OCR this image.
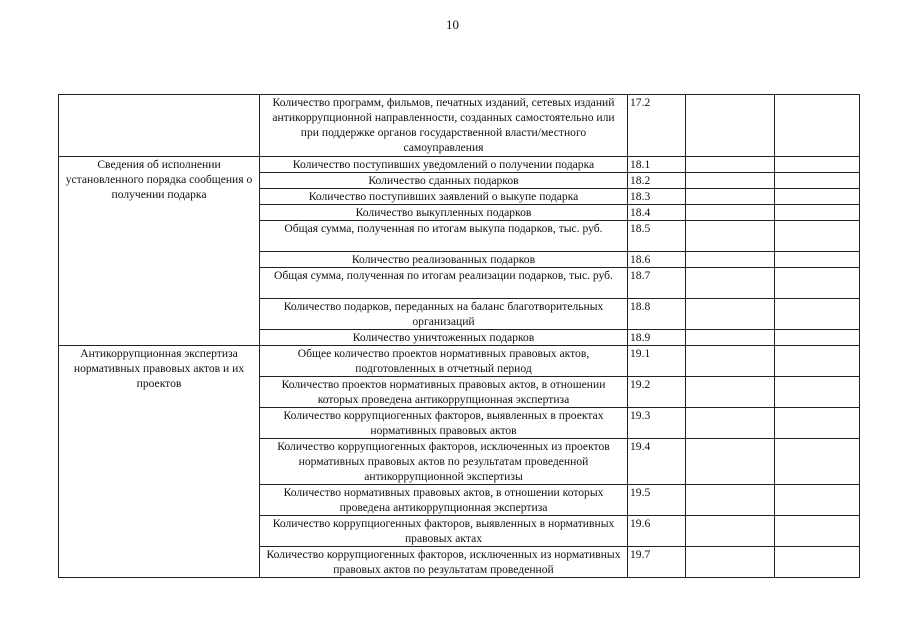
10
	Количество программ, фильмов, печатных изданий, сетевых изданий антикоррупционной направленности, созданных самостоятельно или при поддержке органов государственной власти/местного самоуправления	17.2		
Сведения об исполнении установленного порядка сообщения о получении подарка	Количество поступивших уведомлений о получении подарка	18.1		
	Количество сданных подарков	18.2		
	Количество поступивших заявлений о выкупе подарка	18.3		
	Количество выкупленных подарков	18.4		
	Общая сумма, полученная по итогам выкупа подарков, тыс. руб.	18.5		
	Количество реализованных подарков	18.6		
	Общая сумма, полученная по итогам реализации подарков, тыс. руб.	18.7		
	Количество подарков, переданных на баланс благотворительных организаций	18.8		
	Количество уничтоженных подарков	18.9		
Антикоррупционная экспертиза нормативных правовых актов и их проектов	Общее количество проектов нормативных правовых актов, подготовленных в отчетный период	19.1		
	Количество проектов нормативных правовых актов, в отношении которых проведена антикоррупционная экспертиза	19.2		
	Количество коррупциогенных факторов, выявленных в проектах нормативных правовых актов	19.3		
	Количество коррупциогенных факторов, исключенных из проектов нормативных правовых актов по результатам проведенной антикоррупционной экспертизы	19.4		
	Количество нормативных правовых актов, в отношении которых проведена антикоррупционная экспертиза	19.5		
	Количество коррупциогенных факторов, выявленных в нормативных правовых актах	19.6		
	Количество коррупциогенных факторов, исключенных из нормативных правовых актов по результатам проведенной	19.7		
